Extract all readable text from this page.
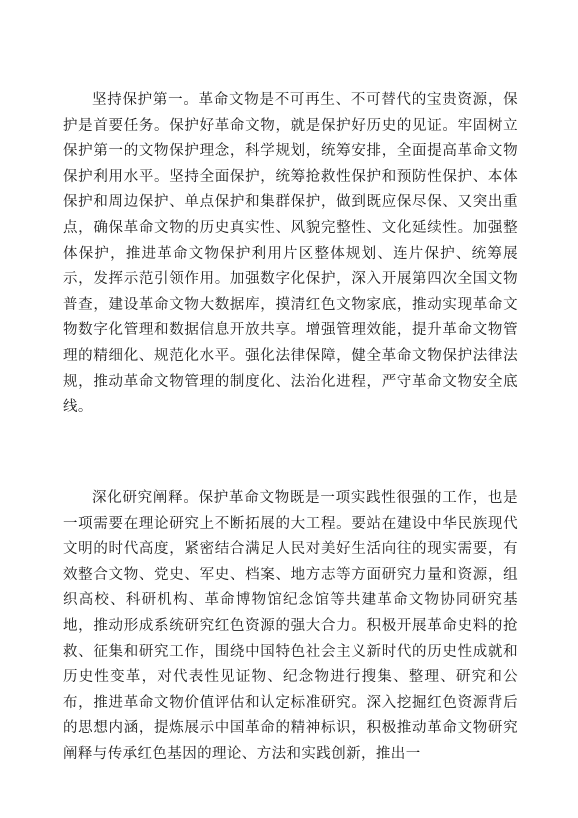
坚持保护第一。革命文物是不可再生、不可替代的宝贵资源，保护是首要任务。保护好革命文物，就是保护好历史的见证。牢固树立保护第一的文物保护理念，科学规划，统筹安排，全面提高革命文物保护利用水平。坚持全面保护，统筹抢救性保护和预防性保护、本体保护和周边保护、单点保护和集群保护，做到既应保尽保、又突出重点，确保革命文物的历史真实性、风貌完整性、文化延续性。加强整体保护，推进革命文物保护利用片区整体规划、连片保护、统筹展示，发挥示范引领作用。加强数字化保护，深入开展第四次全国文物普查，建设革命文物大数据库，摸清红色文物家底，推动实现革命文物数字化管理和数据信息开放共享。增强管理效能，提升革命文物管理的精细化、规范化水平。强化法律保障，健全革命文物保护法律法规，推动革命文物管理的制度化、法治化进程，严守革命文物安全底线。

深化研究阐释。保护革命文物既是一项实践性很强的工作，也是一项需要在理论研究上不断拓展的大工程。要站在建设中华民族现代文明的时代高度，紧密结合满足人民对美好生活向往的现实需要，有效整合文物、党史、军史、档案、地方志等方面研究力量和资源，组织高校、科研机构、革命博物馆纪念馆等共建革命文物协同研究基地，推动形成系统研究红色资源的强大合力。积极开展革命史料的抢救、征集和研究工作，围绕中国特色社会主义新时代的历史性成就和历史性变革，对代表性见证物、纪念物进行搜集、整理、研究和公布，推进革命文物价值评估和认定标准研究。深入挖掘红色资源背后的思想内涵，提炼展示中国革命的精神标识，积极推动革命文物研究阐释与传承红色基因的理论、方法和实践创新，推出一
